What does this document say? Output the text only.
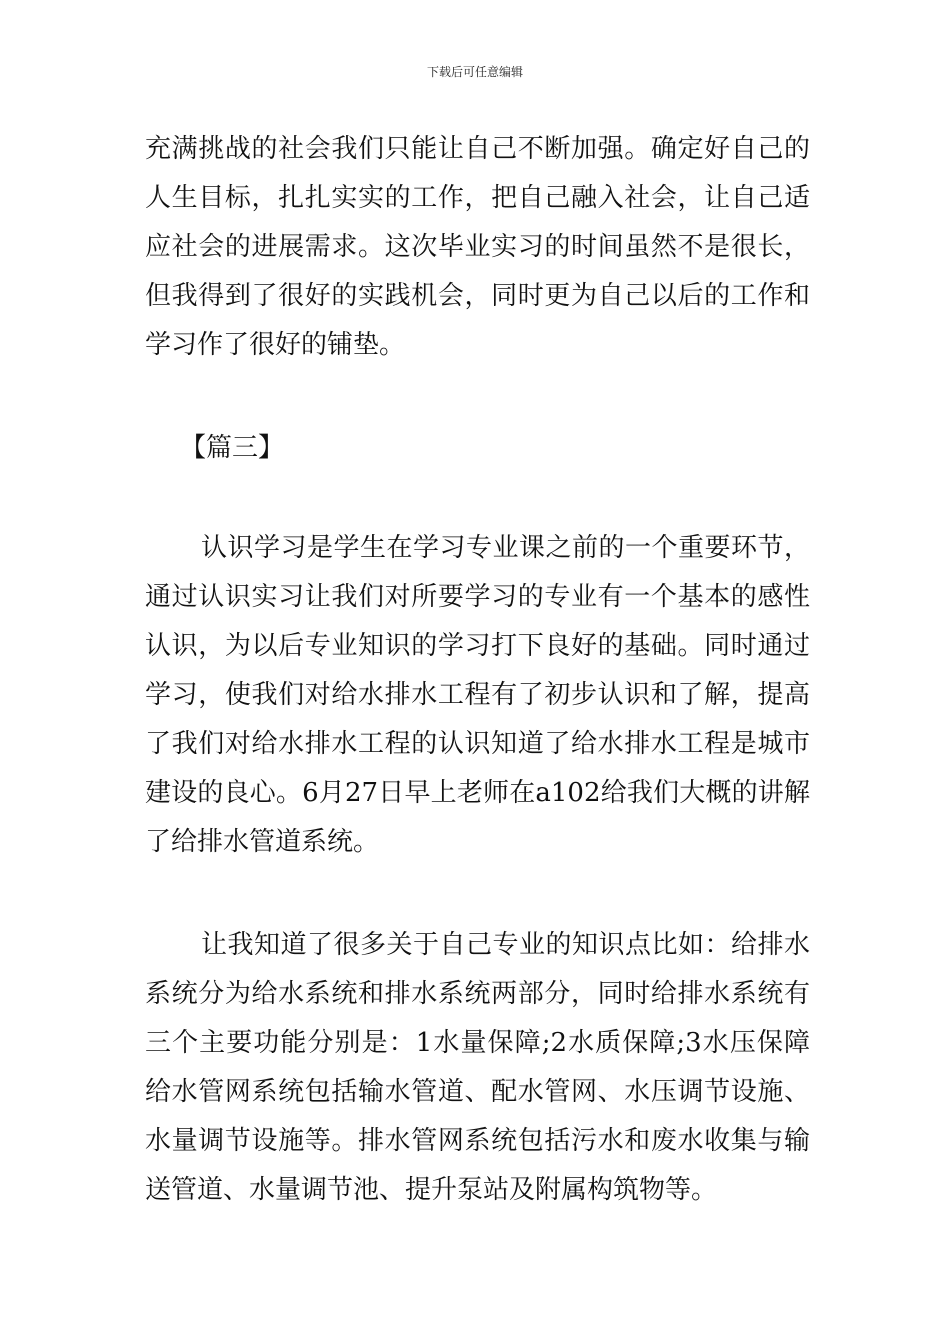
下载后可任意编辑

充满挑战的社会我们只能让自己不断加强。确定好自己的人生目标，扎扎实实的工作，把自己融入社会，让自己适应社会的进展需求。这次毕业实习的时间虽然不是很长，但我得到了很好的实践机会，同时更为自己以后的工作和学习作了很好的铺垫。

【篇三】

认识学习是学生在学习专业课之前的一个重要环节，通过认识实习让我们对所要学习的专业有一个基本的感性认识，为以后专业知识的学习打下良好的基础。同时通过学习，使我们对给水排水工程有了初步认识和了解，提高了我们对给水排水工程的认识知道了给水排水工程是城市建设的良心。6月27日早上老师在a102给我们大概的讲解了给排水管道系统。

让我知道了很多关于自己专业的知识点比如：给排水系统分为给水系统和排水系统两部分，同时给排水系统有三个主要功能分别是：1水量保障;2水质保障;3水压保障给水管网系统包括输水管道、配水管网、水压调节设施、水量调节设施等。排水管网系统包括污水和废水收集与输送管道、水量调节池、提升泵站及附属构筑物等。
